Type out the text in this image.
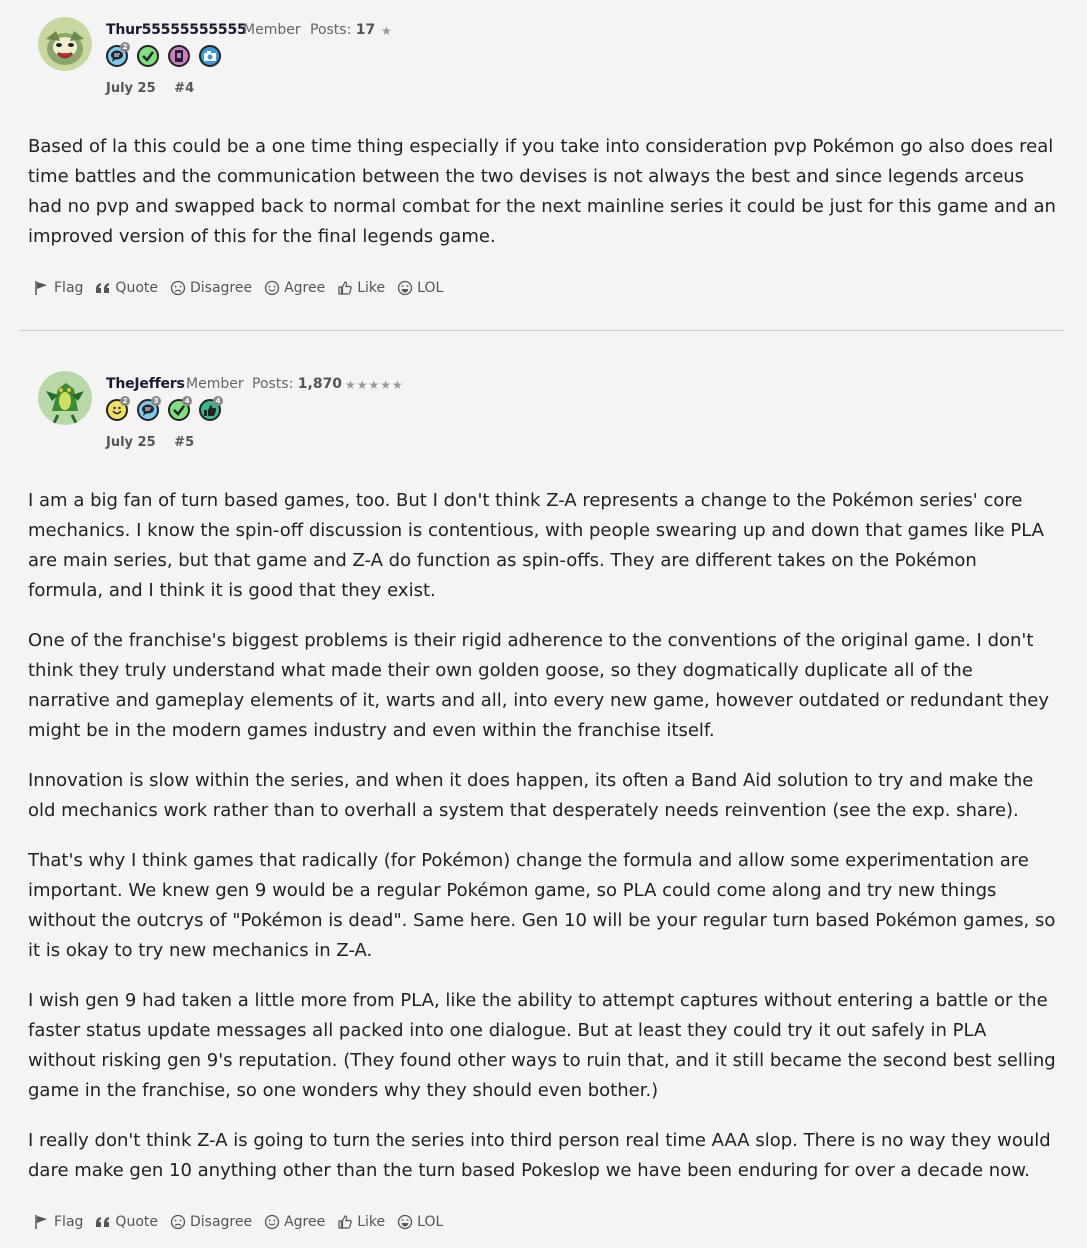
Thur55555555555
Member Posts: 17 ★
2
July 25 #4

Based of la this could be a one time thing especially if you take into consideration pvp Pokémon go also does real time battles and the communication between the two devises is not always the best and since legends arceus had no pvp and swapped back to normal combat for the next mainline series it could be just for this game and an improved version of this for the final legends game.

Flag Quote Disagree Agree Like LOL
TheJeffers Member Posts: 1,870 ★★★★★
2	3	4	4
July 25 #5

I am a big fan of turn based games, too. But I don't think Z-A represents a change to the Pokémon series' core mechanics. I know the spin-off discussion is contentious, with people swearing up and down that games like PLA are main series, but that game and Z-A do function as spin-offs. They are different takes on the Pokémon formula, and I think it is good that they exist.

One of the franchise's biggest problems is their rigid adherence to the conventions of the original game. I don't think they truly understand what made their own golden goose, so they dogmatically duplicate all of the narrative and gameplay elements of it, warts and all, into every new game, however outdated or redundant they might be in the modern games industry and even within the franchise itself.

Innovation is slow within the series, and when it does happen, its often a Band Aid solution to try and make the old mechanics work rather than to overhall a system that desperately needs reinvention (see the exp. share).

That's why I think games that radically (for Pokémon) change the formula and allow some experimentation are important. We knew gen 9 would be a regular Pokémon game, so PLA could come along and try new things without the outcrys of "Pokémon is dead". Same here. Gen 10 will be your regular turn based Pokémon games, so it is okay to try new mechanics in Z-A.

I wish gen 9 had taken a little more from PLA, like the ability to attempt captures without entering a battle or the faster status update messages all packed into one dialogue. But at least they could try it out safely in PLA without risking gen 9's reputation. (They found other ways to ruin that, and it still became the second best selling game in the franchise, so one wonders why they should even bother.)

I really don't think Z-A is going to turn the series into third person real time AAA slop. There is no way they would dare make gen 10 anything other than the turn based Pokeslop we have been enduring for over a decade now.

Flag Quote Disagree Agree Like LOL
